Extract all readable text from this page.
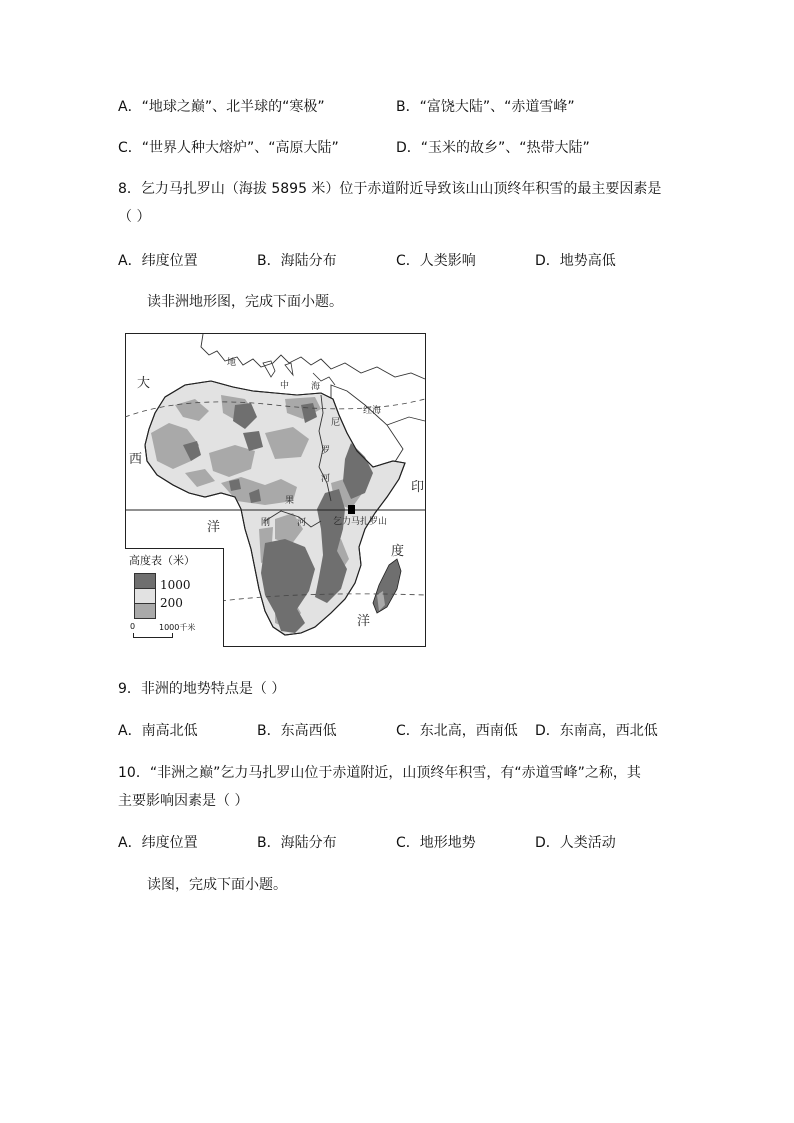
A．“地球之巅”、北半球的“寒极”	B．“富饶大陆”、“赤道雪峰”
C．“世界人种大熔炉”、“高原大陆”	D．“玉米的故乡”、“热带大陆”
8．乞力马扎罗山（海拔 5895 米）位于赤道附近导致该山山顶终年积雪的最主要因素是
（ ）
A．纬度位置	B．海陆分布	C．人类影响	D．地势高低
读非洲地形图，完成下面小题。
大
西
洋
印
度
洋
地
中 海
红海
尼
罗
河
刚
果
河	乞力马扎罗山
高度表（米）
1000
200
0	1000千米
9．非洲的地势特点是（ ）
A．南高北低	B．东高西低	C．东北高，西南低 D．东南高，西北低
10．“非洲之巅”乞力马扎罗山位于赤道附近，山顶终年积雪，有“赤道雪峰”之称，其
主要影响因素是（ ）
A．纬度位置	B．海陆分布	C．地形地势	D．人类活动
读图，完成下面小题。
